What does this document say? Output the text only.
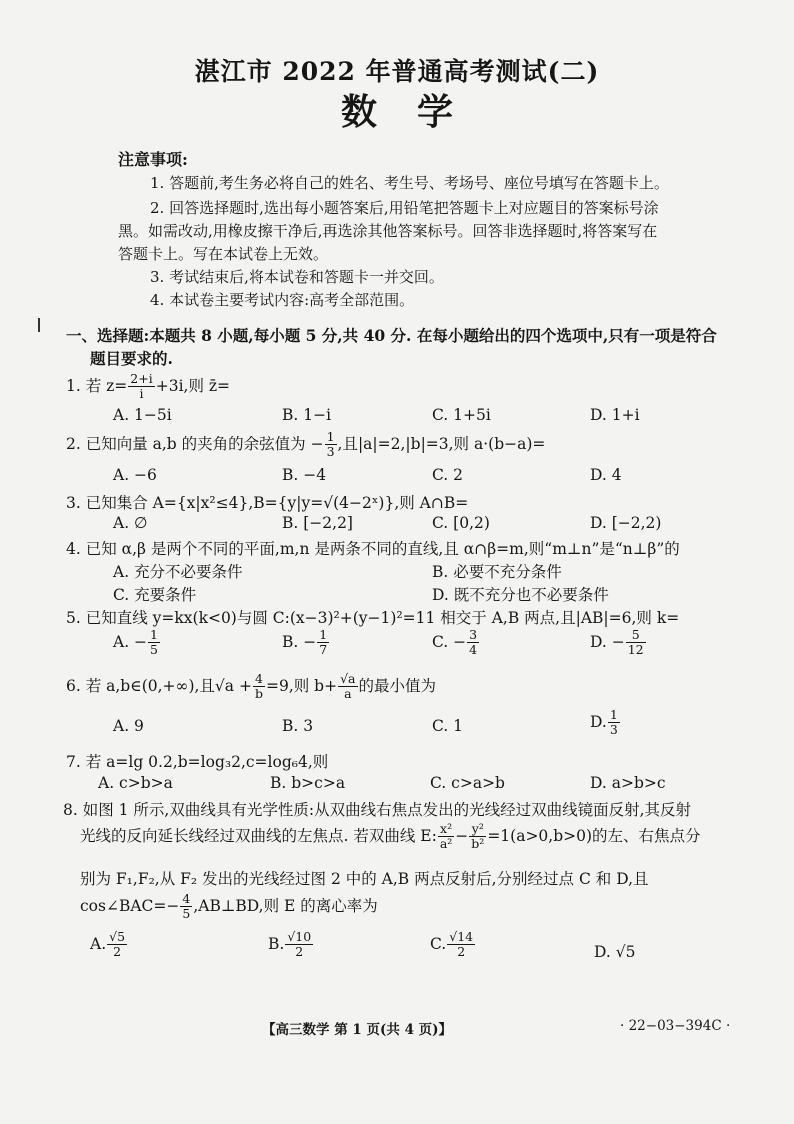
湛江市 2022 年普通高考测试(二)
数学
注意事项:
1. 答题前,考生务必将自己的姓名、考生号、考场号、座位号填写在答题卡上。
2. 回答选择题时,选出每小题答案后,用铅笔把答题卡上对应题目的答案标号涂
黑。如需改动,用橡皮擦干净后,再选涂其他答案标号。回答非选择题时,将答案写在
答题卡上。写在本试卷上无效。
3. 考试结束后,将本试卷和答题卡一并交回。
4. 本试卷主要考试内容:高考全部范围。
一、选择题:本题共 8 小题,每小题 5 分,共 40 分. 在每小题给出的四个选项中,只有一项是符合
题目要求的.
1. 若 $z= \frac{2+i}{i} +3i$,则 z̄=
A. 1−5i	B. 1−i	C. 1+5i	D. 1+i
2. 已知向量 a,b 的夹角的余弦值为 − $\frac{1}{3}$ ,且|a|=2,|b|=3,则 a·(b−a)=
A. −6	B. −4	C. 2	D. 4
3. 已知集合 A={x|x²≤4},B={y|y=√(4−2ˣ)},则 A∩B=
A. ∅	B. [−2,2]	C. [0,2)	D. [−2,2)
4. 已知 α,β 是两个不同的平面,m,n 是两条不同的直线,且 α∩β=m,则“m⊥n”是“n⊥β”的
A. 充分不必要条件	B. 必要不充分条件
C. 充要条件	D. 既不充分也不必要条件
5. 已知直线 y=kx(k<0)与圆 C:(x−3)²+(y−1)²=11 相交于 A,B 两点,且|AB|=6,则 k=
A. − $\frac{1}{5}$	B. − $\frac{1}{7}$	C. − $\frac{3}{4}$	D. − $\frac{5}{12}$
6. 若 a,b∈(0,+∞),且$√a + \frac{4}{b} =9$,则 $b+ \frac{√a}{a}$ 的最小值为
A. 9	B. 3	C. 1	D. $\frac{1}{3}$
7. 若 a=lg 0.2,b=log₃2,c=log₆4,则
A. c>b>a	B. b>c>a	C. c>a>b	D. a>b>c
8. 如图 1 所示,双曲线具有光学性质:从双曲线右焦点发出的光线经过双曲线镜面反射,其反射
光线的反向延长线经过双曲线的左焦点. 若双曲线 E: $\frac{\text{x²}}{\text{a²}} - \frac{\text{y²}}{\text{b²}} =1(a>0,b>0)$的左、右焦点分
别为 F₁,F₂,从 F₂ 发出的光线经过图 2 中的 A,B 两点反射后,分别经过点 C 和 D,且
cos∠BAC=− $\frac{4}{5}$ ,AB⊥BD,则 E 的离心率为
A. $\frac{√5}{2}$	B. $\frac{√10}{2}$	C. $\frac{√14}{2}$	D. √5
【高三数学 第 1 页(共 4 页)】	· 22−03−394C ·
